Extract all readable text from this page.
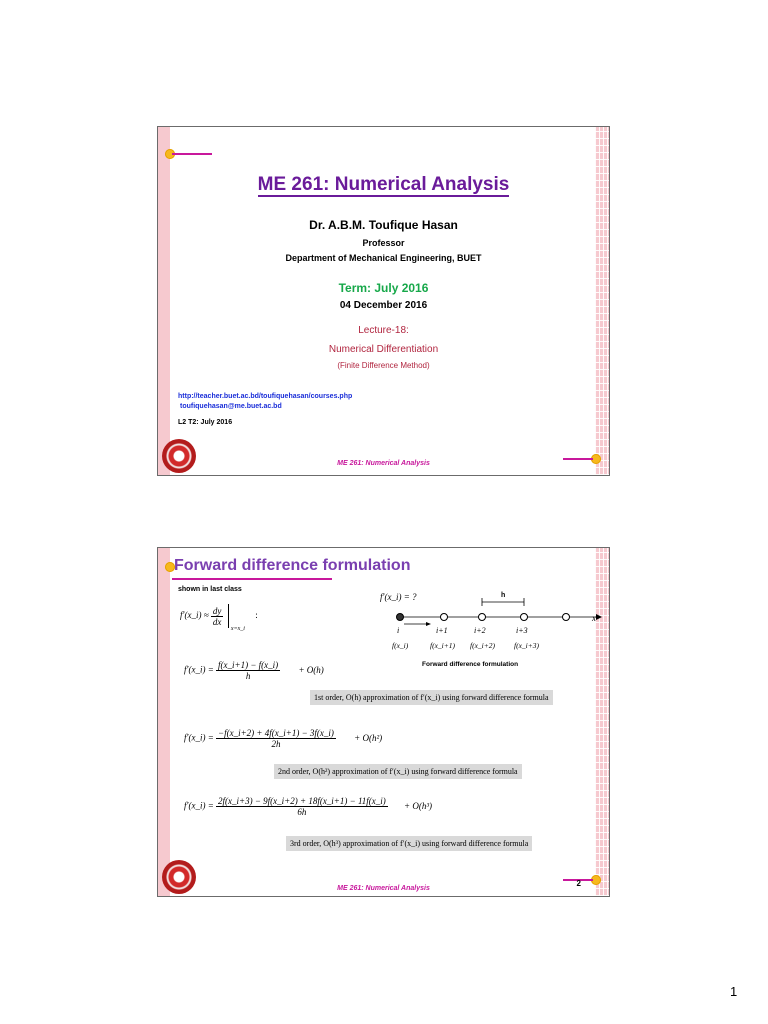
ME 261: Numerical Analysis
Dr. A.B.M. Toufique Hasan
Professor
Department of Mechanical Engineering, BUET
Term: July 2016
04 December 2016
Lecture-18:
Numerical Differentiation
(Finite Difference Method)
http://teacher.buet.ac.bd/toufiquehasan/courses.php
toufiquehasan@me.buet.ac.bd
L2 T2: July 2016
ME 261: Numerical Analysis
Forward difference formulation
shown in last class
f′(x_i) ≈ $\frac{dy}{dx}$
$_{x=x\_i}$ :
f′(x_i) = ?	h
x
i	i+1	i+2	i+3
f(x_i)	f(x_i+1) f(x_i+2)	f(x_i+3)
Forward difference formulation
f′(x_i) = $\frac{f(x\_i+1) - f(x\_i)}{h} + O(h)$
1st order, O(h) approximation of f′(x_i) using forward difference formula
f′(x_i) = $\frac{-f(x\_i+2) + 4f(x\_i+1) - 3f(x\_i)}{2h} + O(h^2)$
2nd order, O(h²) approximation of f′(x_i) using forward difference formula
f′(x_i) = $\frac{2f(x\_i+3) - 9f(x\_i+2) + 18f(x\_i+1) - 11f(x\_i)}{6h} + O(h^3)$
3rd order, O(h³) approximation of f′(x_i) using forward difference formula
ME 261: Numerical Analysis
2
1
